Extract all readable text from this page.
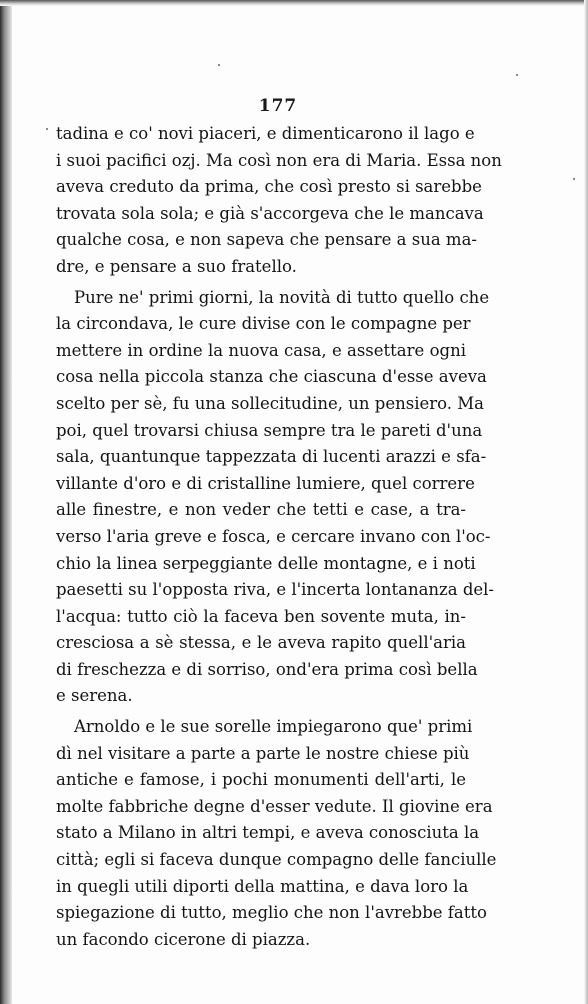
177
tadina e co' novi piaceri, e dimenticarono il lago e
i suoi pacifici ozj. Ma così non era di Maria. Essa non
aveva creduto da prima, che così presto si sarebbe
trovata sola sola; e già s'accorgeva che le mancava
qualche cosa, e non sapeva che pensare a sua ma-
dre, e pensare a suo fratello.
Pure ne' primi giorni, la novità di tutto quello che
la circondava, le cure divise con le compagne per
mettere in ordine la nuova casa, e assettare ogni
cosa nella piccola stanza che ciascuna d'esse aveva
scelto per sè, fu una sollecitudine, un pensiero. Ma
poi, quel trovarsi chiusa sempre tra le pareti d'una
sala, quantunque tappezzata di lucenti arazzi e sfa-
villante d'oro e di cristalline lumiere, quel correre
alle finestre, e non veder che tetti e case, a tra-
verso l'aria greve e fosca, e cercare invano con l'oc-
chio la linea serpeggiante delle montagne, e i noti
paesetti su l'opposta riva, e l'incerta lontananza del-
l'acqua: tutto ciò la faceva ben sovente muta, in-
cresciosa a sè stessa, e le aveva rapito quell'aria
di freschezza e di sorriso, ond'era prima così bella
e serena.
Arnoldo e le sue sorelle impiegarono que' primi
dì nel visitare a parte a parte le nostre chiese più
antiche e famose, i pochi monumenti dell'arti, le
molte fabbriche degne d'esser vedute. Il giovine era
stato a Milano in altri tempi, e aveva conosciuta la
città; egli si faceva dunque compagno delle fanciulle
in quegli utili diporti della mattina, e dava loro la
spiegazione di tutto, meglio che non l'avrebbe fatto
un facondo cicerone di piazza.
